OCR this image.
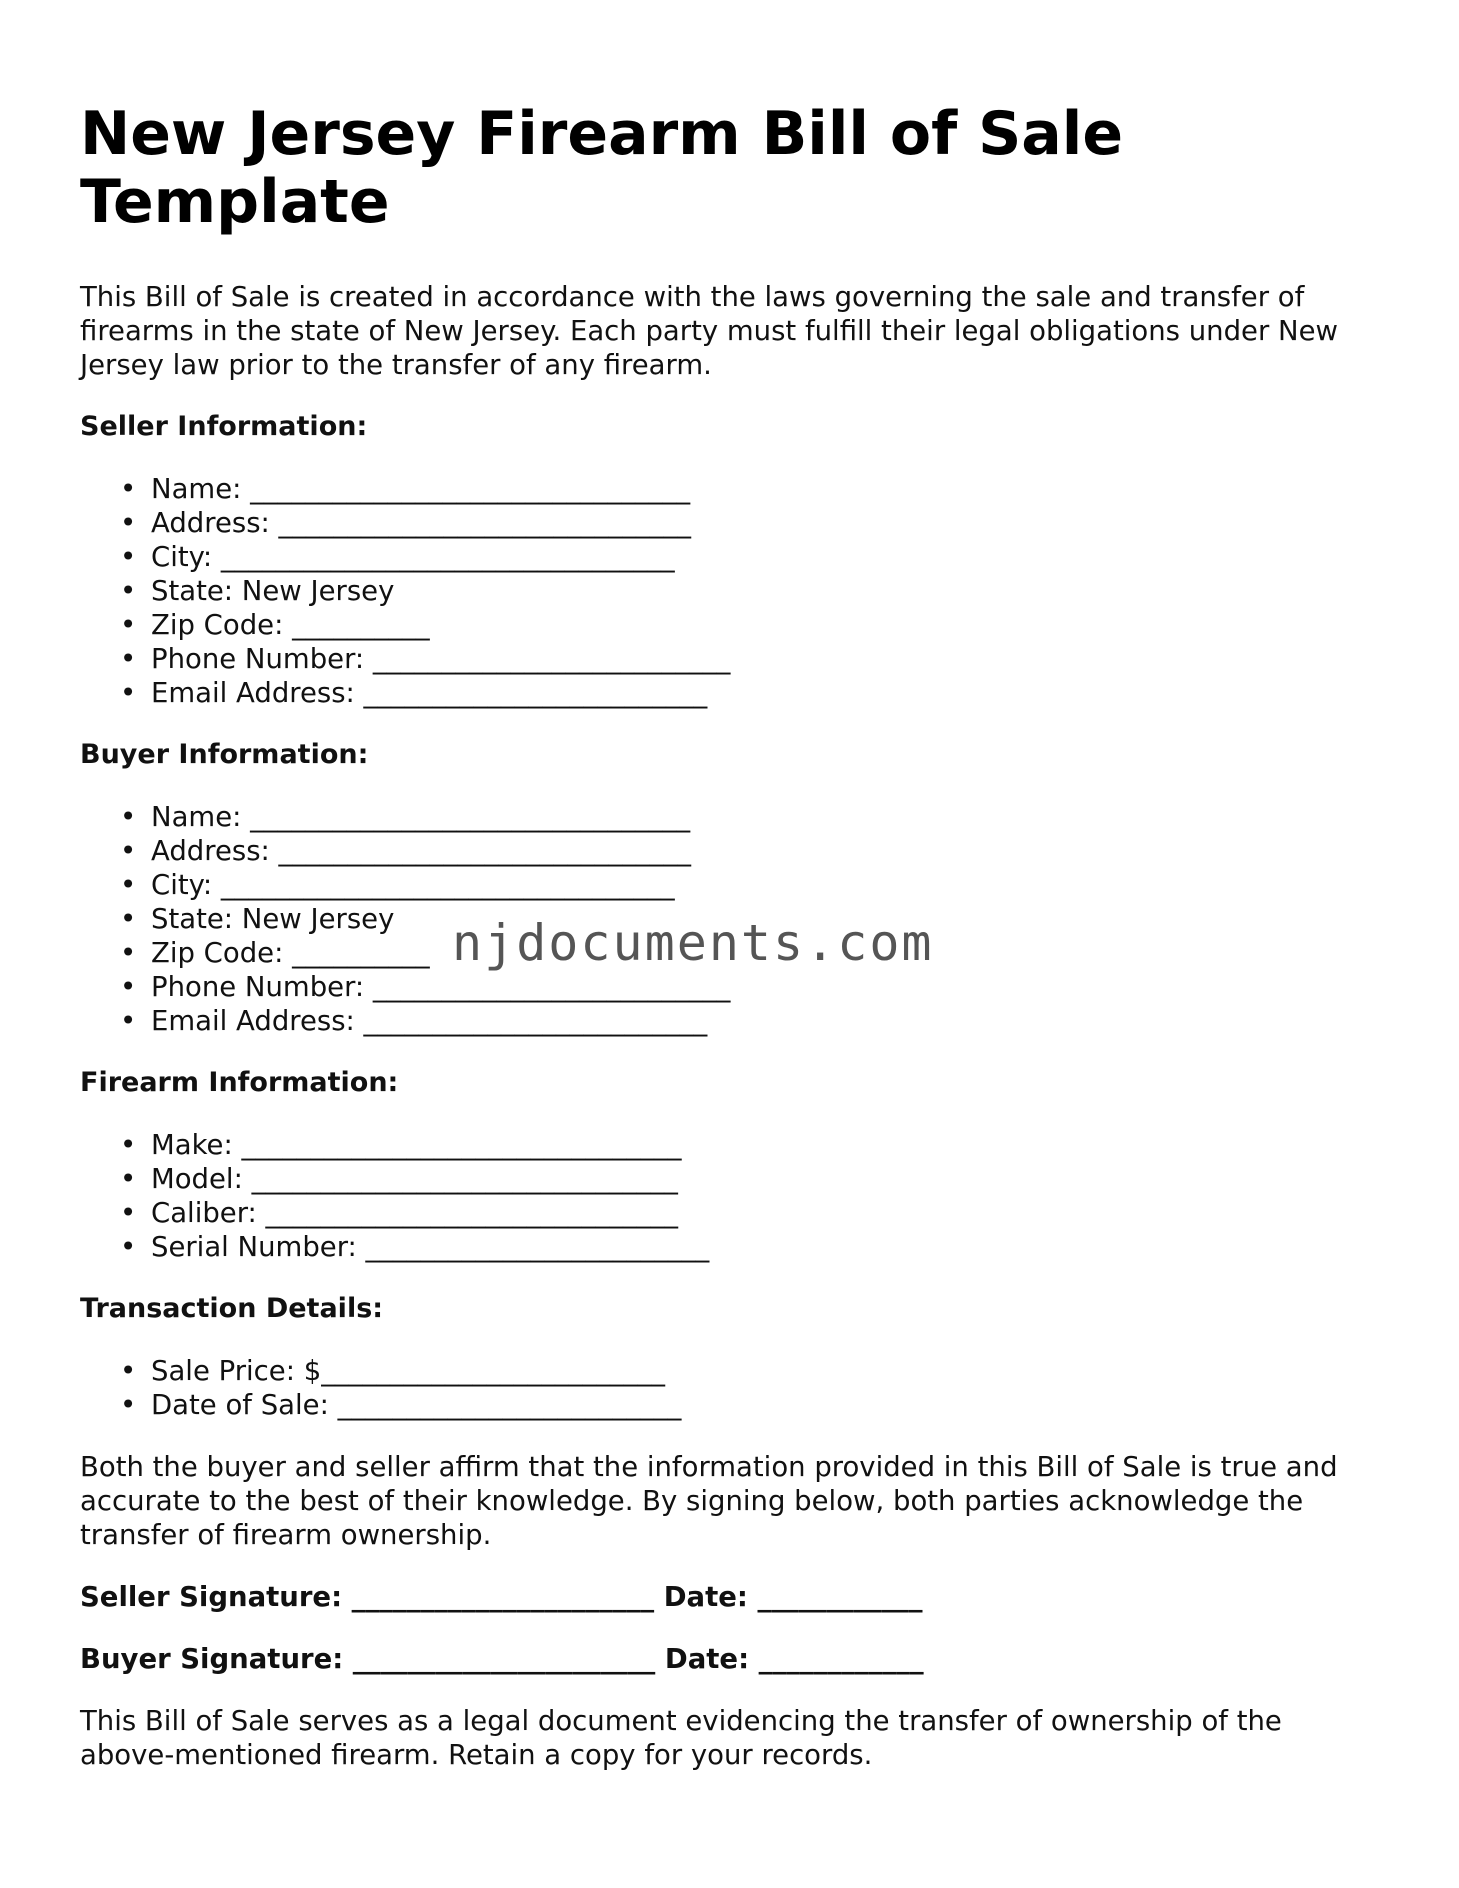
New Jersey Firearm Bill of Sale Template

This Bill of Sale is created in accordance with the laws governing the sale and transfer of firearms in the state of New Jersey. Each party must fulfill their legal obligations under New Jersey law prior to the transfer of any firearm.

Seller Information:
• Name: ________________________________
• Address: ______________________________
• City: _________________________________
• State: New Jersey
• Zip Code: __________
• Phone Number: __________________________
• Email Address: _________________________
Buyer Information:
• Name: ________________________________
• Address: ______________________________
• City: _________________________________
• State: New Jersey
• Zip Code: __________
• Phone Number: __________________________
• Email Address: _________________________
Firearm Information:
• Make: ________________________________
• Model: _______________________________
• Caliber: ______________________________
• Serial Number: _________________________
Transaction Details:
• Sale Price: $_________________________
• Date of Sale: _________________________

Both the buyer and seller affirm that the information provided in this Bill of Sale is true and accurate to the best of their knowledge. By signing below, both parties acknowledge the transfer of firearm ownership.

Seller Signature: ______________________ Date: ____________
Buyer Signature: ______________________ Date: ____________

This Bill of Sale serves as a legal document evidencing the transfer of ownership of the above-mentioned firearm. Retain a copy for your records.

njdocuments.com
